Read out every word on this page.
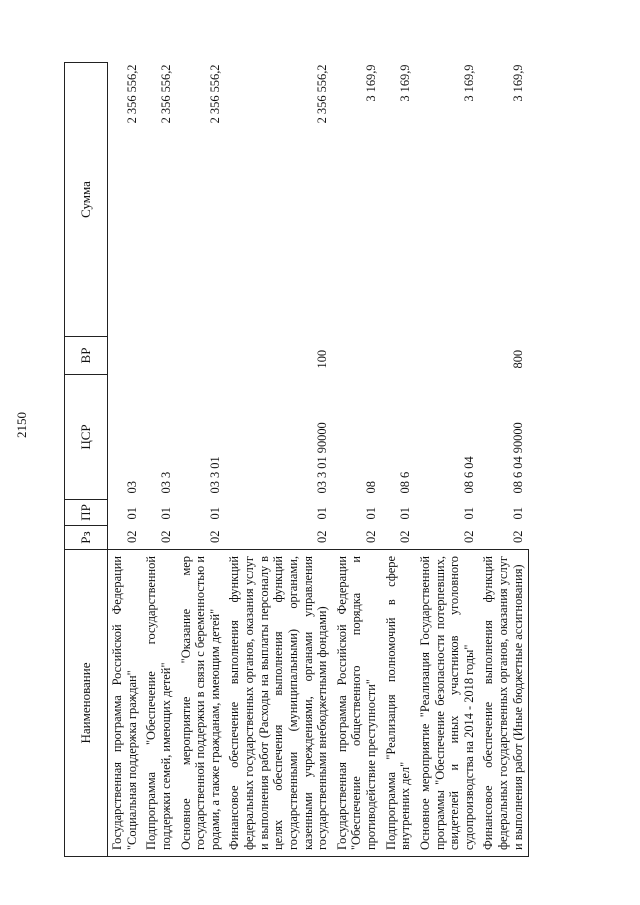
2150
Наименование	Рз	ПР	ЦСР	ВР	Сумма
Государственная программа Российской Федерации "Социальная поддержка граждан"	02	01	03		2 356 556,2
Подпрограмма "Обеспечение государственной поддержки семей, имеющих детей"	02	01	03 3		2 356 556,2
Основное мероприятие "Оказание мер государственной поддержки в связи с беременностью и родами, а также гражданам, имеющим детей"	02	01	03 3 01		2 356 556,2
Финансовое обеспечение выполнения функций федеральных государственных органов, оказания услуг и выполнения работ (Расходы на выплаты персоналу в целях обеспечения выполнения функций государственными (муниципальными) органами, казенными учреждениями, органами управления государственными внебюджетными фондами)	02	01	03 3 01 90000	100	2 356 556,2
Государственная программа Российской Федерации "Обеспечение общественного порядка и противодействие преступности"	02	01	08		3 169,9
Подпрограмма "Реализация полномочий в сфере внутренних дел"	02	01	08 6		3 169,9
Основное мероприятие "Реализация Государственной программы "Обеспечение безопасности потерпевших, свидетелей и иных участников уголовного судопроизводства на 2014 - 2018 годы"	02	01	08 6 04		3 169,9
Финансовое обеспечение выполнения функций федеральных государственных органов, оказания услуг и выполнения работ (Иные бюджетные ассигнования)	02	01	08 6 04 90000	800	3 169,9
